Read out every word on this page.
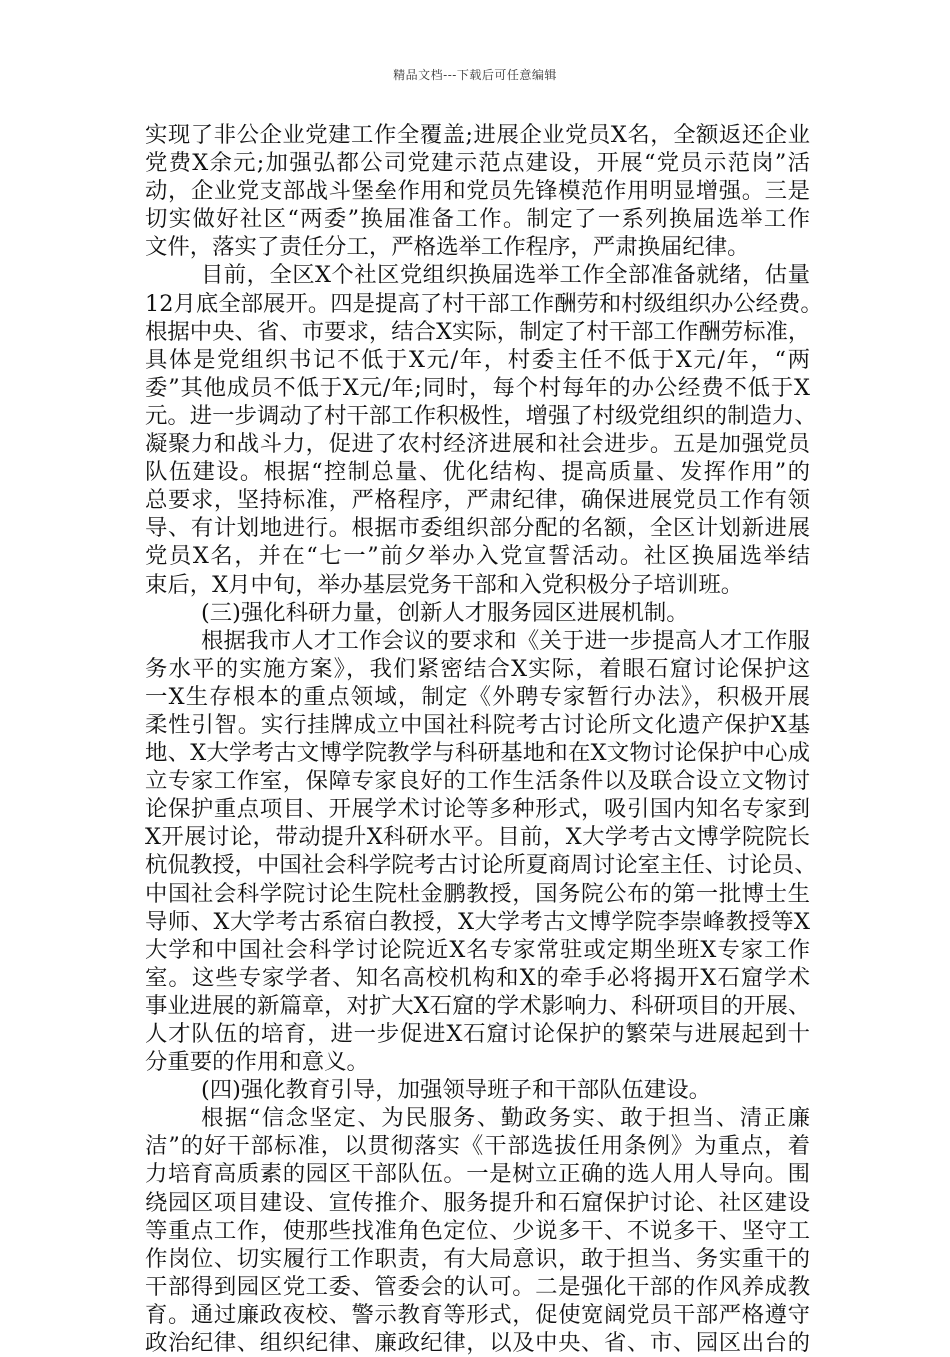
精品文档---下载后可任意编辑
实现了非公企业党建工作全覆盖;进展企业党员X名，全额返还企业
党费X余元;加强弘都公司党建示范点建设，开展“党员示范岗”活
动，企业党支部战斗堡垒作用和党员先锋模范作用明显增强。三是
切实做好社区“两委”换届准备工作。制定了一系列换届选举工作
文件，落实了责任分工，严格选举工作程序，严肃换届纪律。
目前，全区X个社区党组织换届选举工作全部准备就绪，估量
12月底全部展开。四是提高了村干部工作酬劳和村级组织办公经费。
根据中央、省、市要求，结合X实际，制定了村干部工作酬劳标准，
具体是党组织书记不低于X元/年，村委主任不低于X元/年，“两
委”其他成员不低于X元/年;同时，每个村每年的办公经费不低于X
元。进一步调动了村干部工作积极性，增强了村级党组织的制造力、
凝聚力和战斗力，促进了农村经济进展和社会进步。五是加强党员
队伍建设。根据“控制总量、优化结构、提高质量、发挥作用”的
总要求，坚持标准，严格程序，严肃纪律，确保进展党员工作有领
导、有计划地进行。根据市委组织部分配的名额，全区计划新进展
党员X名，并在“七一”前夕举办入党宣誓活动。社区换届选举结
束后，X月中旬，举办基层党务干部和入党积极分子培训班。
(三)强化科研力量，创新人才服务园区进展机制。
根据我市人才工作会议的要求和《关于进一步提高人才工作服
务水平的实施方案》，我们紧密结合X实际，着眼石窟讨论保护这
一X生存根本的重点领域，制定《外聘专家暂行办法》，积极开展
柔性引智。实行挂牌成立中国社科院考古讨论所文化遗产保护X基
地、X大学考古文博学院教学与科研基地和在X文物讨论保护中心成
立专家工作室，保障专家良好的工作生活条件以及联合设立文物讨
论保护重点项目、开展学术讨论等多种形式，吸引国内知名专家到
X开展讨论，带动提升X科研水平。目前，X大学考古文博学院院长
杭侃教授，中国社会科学院考古讨论所夏商周讨论室主任、讨论员、
中国社会科学院讨论生院杜金鹏教授，国务院公布的第一批博士生
导师、X大学考古系宿白教授，X大学考古文博学院李崇峰教授等X
大学和中国社会科学讨论院近X名专家常驻或定期坐班X专家工作
室。这些专家学者、知名高校机构和X的牵手必将揭开X石窟学术
事业进展的新篇章，对扩大X石窟的学术影响力、科研项目的开展、
人才队伍的培育，进一步促进X石窟讨论保护的繁荣与进展起到十
分重要的作用和意义。
(四)强化教育引导，加强领导班子和干部队伍建设。
根据“信念坚定、为民服务、勤政务实、敢于担当、清正廉
洁”的好干部标准，以贯彻落实《干部选拔任用条例》为重点，着
力培育高质素的园区干部队伍。一是树立正确的选人用人导向。围
绕园区项目建设、宣传推介、服务提升和石窟保护讨论、社区建设
等重点工作，使那些找准角色定位、少说多干、不说多干、坚守工
作岗位、切实履行工作职责，有大局意识，敢于担当、务实重干的
干部得到园区党工委、管委会的认可。二是强化干部的作风养成教
育。通过廉政夜校、警示教育等形式，促使宽阔党员干部严格遵守
政治纪律、组织纪律、廉政纪律，以及中央、省、市、园区出台的
